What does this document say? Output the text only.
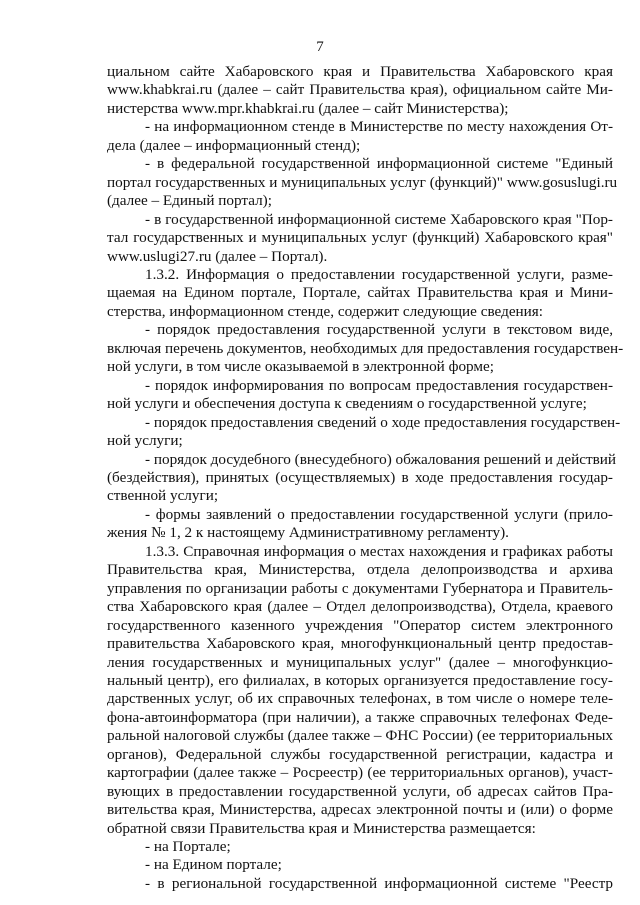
7
циальном сайте Хабаровского края и Правительства Хабаровского края
www.khabkrai.ru (далее – сайт Правительства края), официальном сайте Ми-
нистерства www.mpr.khabkrai.ru (далее – сайт Министерства);
- на информационном стенде в Министерстве по месту нахождения От-
дела (далее – информационный стенд);
- в федеральной государственной информационной системе "Единый
портал государственных и муниципальных услуг (функций)" www.gosuslugi.ru
(далее – Единый портал);
- в государственной информационной системе Хабаровского края "Пор-
тал государственных и муниципальных услуг (функций) Хабаровского края"
www.uslugi27.ru (далее – Портал).
1.3.2. Информация о предоставлении государственной услуги, разме-
щаемая на Едином портале, Портале, сайтах Правительства края и Мини-
стерства, информационном стенде, содержит следующие сведения:
- порядок предоставления государственной услуги в текстовом виде,
включая перечень документов, необходимых для предоставления государствен-
ной услуги, в том числе оказываемой в электронной форме;
- порядок информирования по вопросам предоставления государствен-
ной услуги и обеспечения доступа к сведениям о государственной услуге;
- порядок предоставления сведений о ходе предоставления государствен-
ной услуги;
- порядок досудебного (внесудебного) обжалования решений и действий
(бездействия), принятых (осуществляемых) в ходе предоставления государ-
ственной услуги;
- формы заявлений о предоставлении государственной услуги (прило-
жения № 1, 2 к настоящему Административному регламенту).
1.3.3. Справочная информация о местах нахождения и графиках работы
Правительства края, Министерства, отдела делопроизводства и архива
управления по организации работы с документами Губернатора и Правитель-
ства Хабаровского края (далее – Отдел делопроизводства), Отдела, краевого
государственного казенного учреждения "Оператор систем электронного
правительства Хабаровского края, многофункциональный центр предостав-
ления государственных и муниципальных услуг" (далее – многофункцио-
нальный центр), его филиалах, в которых организуется предоставление госу-
дарственных услуг, об их справочных телефонах, в том числе о номере теле-
фона-автоинформатора (при наличии), а также справочных телефонах Феде-
ральной налоговой службы (далее также – ФНС России) (ее территориальных
органов), Федеральной службы государственной регистрации, кадастра и
картографии (далее также – Росреестр) (ее территориальных органов), участ-
вующих в предоставлении государственной услуги, об адресах сайтов Пра-
вительства края, Министерства, адресах электронной почты и (или) о форме
обратной связи Правительства края и Министерства размещается:
- на Портале;
- на Едином портале;
- в региональной государственной информационной системе "Реестр
